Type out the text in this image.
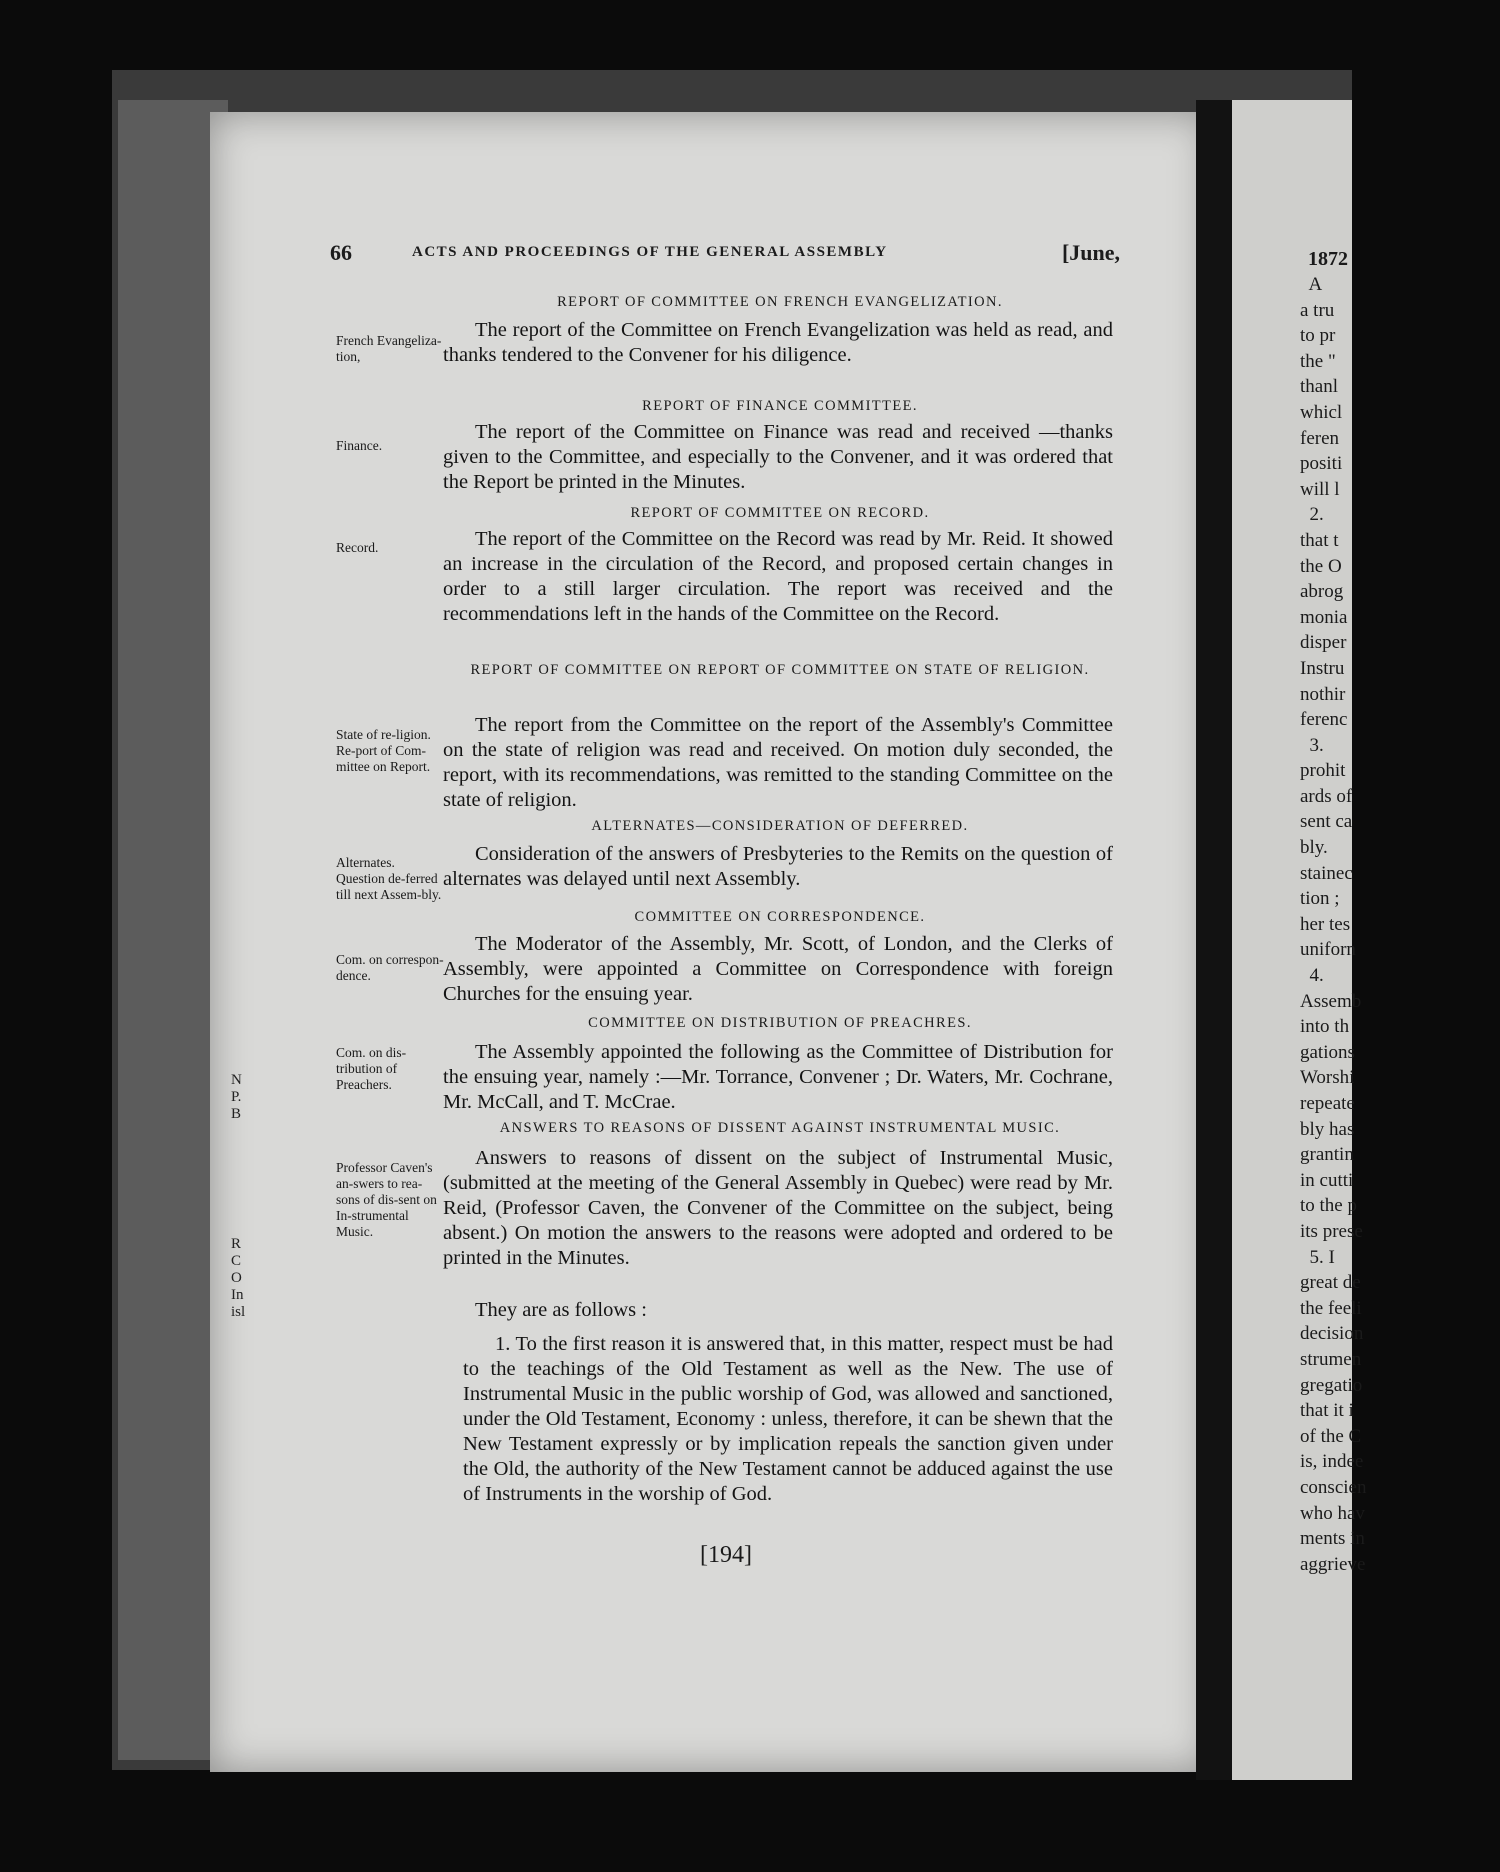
1872
A
a tru
to pr
the "
thanl
whicl
feren
positi
will l
2.
that t
the O
abrog
monia
disper
Instru
nothir
ferenc
3.
prohit
ards of
sent ca
bly.
stainec
tion ;
her tes
uniforn
4.
Assemb
into th
gations
Worshi
repeate
bly has
grantin
in cutti
to the p
its prese
5. I
great de
the feeli
decision
strumen
gregatio
that it i
of the C
is, indee
conscien
who hav
ments in
aggrieve
N
P.
B
R
C
O
In
isl
66	ACTS AND PROCEEDINGS OF THE GENERAL ASSEMBLY	[June,
REPORT OF COMMITTEE ON FRENCH EVANGELIZATION.
French Evangeliza-tion,
The report of the Committee on French Evangelization was held as read, and thanks tendered to the Convener for his diligence.
REPORT OF FINANCE COMMITTEE.
Finance.
The report of the Committee on Finance was read and received —thanks given to the Committee, and especially to the Convener, and it was ordered that the Report be printed in the Minutes.
REPORT OF COMMITTEE ON RECORD.
Record.	The report of the Committee on the Record was read by Mr. Reid. It showed an increase in the circulation of the Record, and proposed certain changes in order to a still larger circulation. The report was received and the recommendations left in the hands of the Committee on the Record.
REPORT OF COMMITTEE ON REPORT OF COMMITTEE ON STATE OF RELIGION.
State of re-ligion. Re-port of Com-mittee on Report.
The report from the Committee on the report of the Assembly's Committee on the state of religion was read and received. On motion duly seconded, the report, with its recommendations, was remitted to the standing Committee on the state of religion.
ALTERNATES—CONSIDERATION OF DEFERRED.
Alternates. Question de-ferred till next Assem-bly.
Consideration of the answers of Presbyteries to the Remits on the question of alternates was delayed until next Assembly.
COMMITTEE ON CORRESPONDENCE.
Com. on correspon-dence.
The Moderator of the Assembly, Mr. Scott, of London, and the Clerks of Assembly, were appointed a Committee on Correspondence with foreign Churches for the ensuing year.
COMMITTEE ON DISTRIBUTION OF PREACHRES.
Com. on dis-tribution of Preachers.
The Assembly appointed the following as the Committee of Distribution for the ensuing year, namely :—Mr. Torrance, Convener ; Dr. Waters, Mr. Cochrane, Mr. McCall, and T. McCrae.
ANSWERS TO REASONS OF DISSENT AGAINST INSTRUMENTAL MUSIC.
Professor Caven's an-swers to rea-sons of dis-sent on In-strumental Music.
Answers to reasons of dissent on the subject of Instrumental Music, (submitted at the meeting of the General Assembly in Quebec) were read by Mr. Reid, (Professor Caven, the Convener of the Committee on the subject, being absent.) On motion the answers to the reasons were adopted and ordered to be printed in the Minutes.
They are as follows :
1. To the first reason it is answered that, in this matter, respect must be had to the teachings of the Old Testament as well as the New. The use of Instrumental Music in the public worship of God, was allowed and sanctioned, under the Old Testament, Economy : unless, therefore, it can be shewn that the New Testament expressly or by implication repeals the sanction given under the Old, the authority of the New Testament cannot be adduced against the use of Instruments in the worship of God.
[194]
